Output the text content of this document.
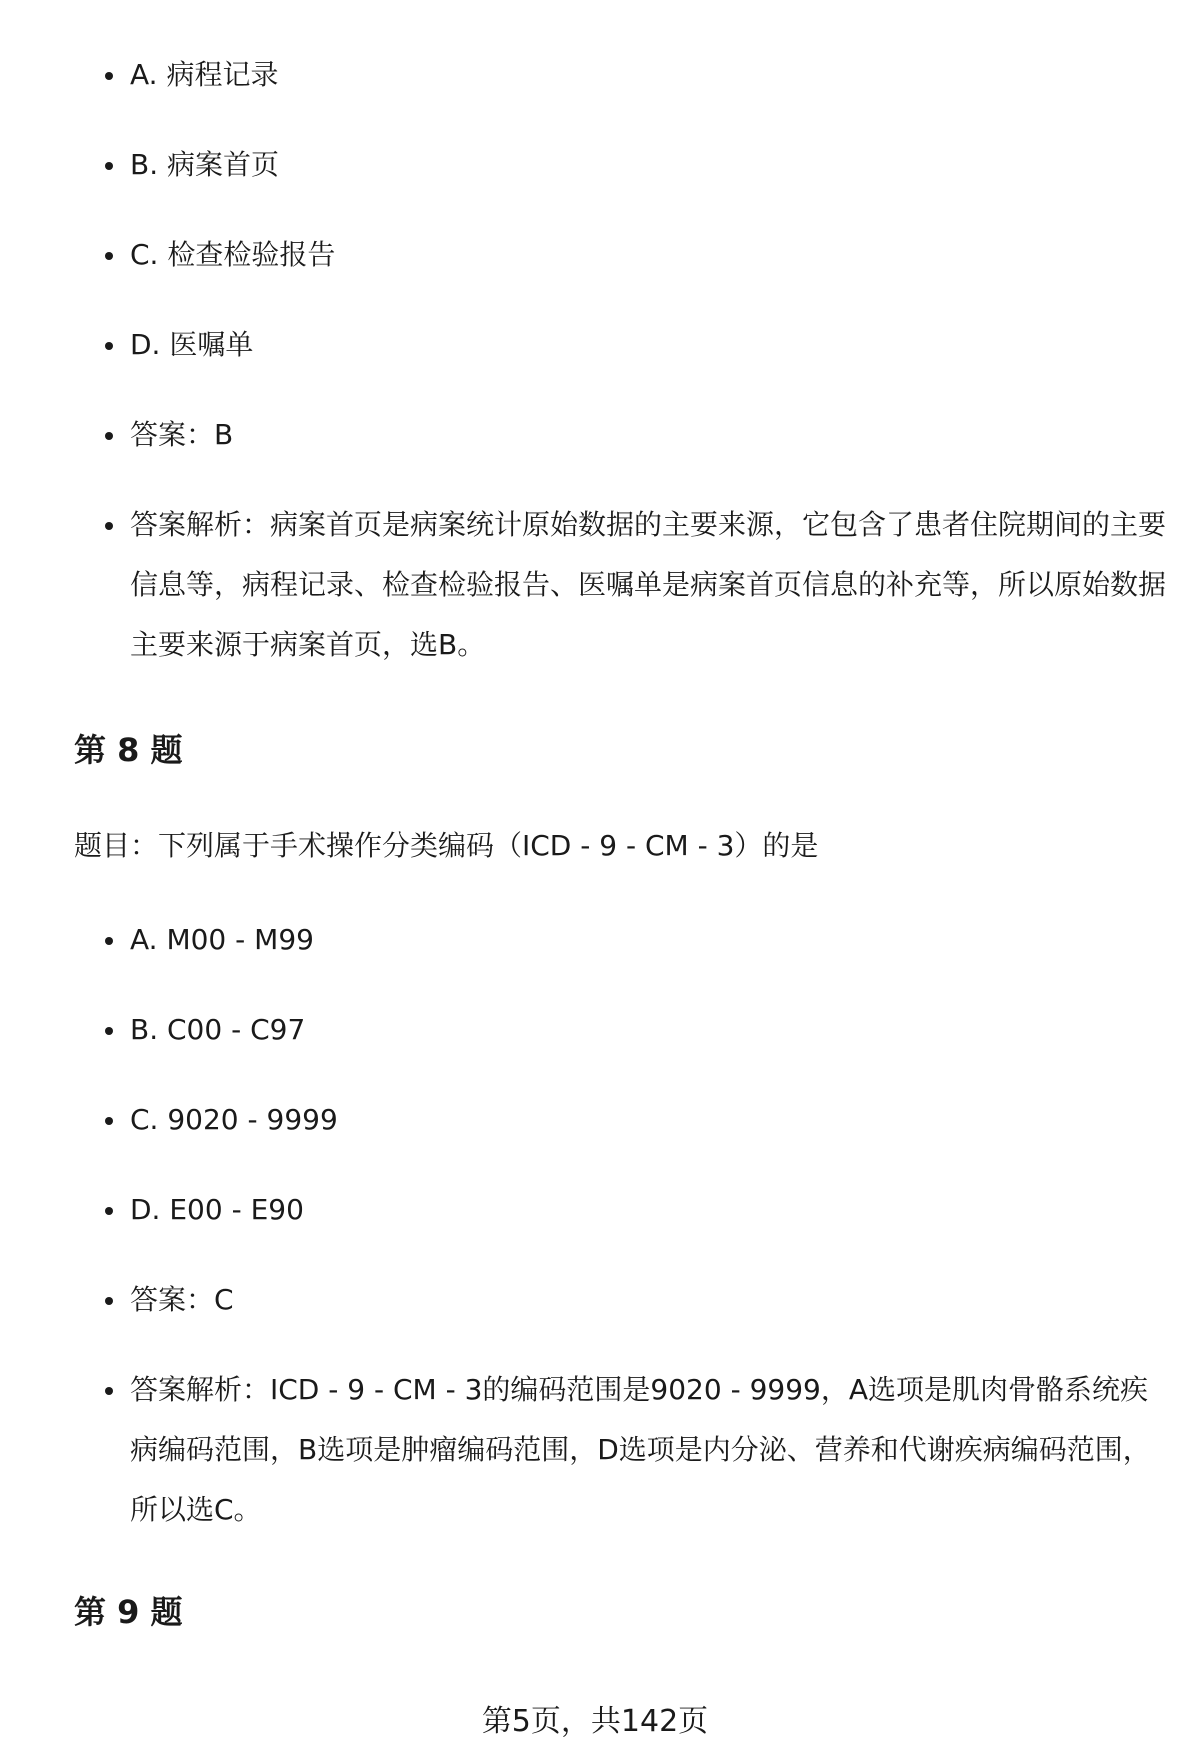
A. 病程记录
B. 病案首页
C. 检查检验报告
D. 医嘱单
答案：B
答案解析：病案首页是病案统计原始数据的主要来源，它包含了患者住院期间的主要信息等，病程记录、检查检验报告、医嘱单是病案首页信息的补充等，所以原始数据主要来源于病案首页，选B。
第 8 题
题目：下列属于手术操作分类编码（ICD - 9 - CM - 3）的是
A. M00 - M99
B. C00 - C97
C. 9020 - 9999
D. E00 - E90
答案：C
答案解析：ICD - 9 - CM - 3的编码范围是9020 - 9999，A选项是肌肉骨骼系统疾病编码范围，B选项是肿瘤编码范围，D选项是内分泌、营养和代谢疾病编码范围，所以选C。
第 9 题
第5页，共142页
